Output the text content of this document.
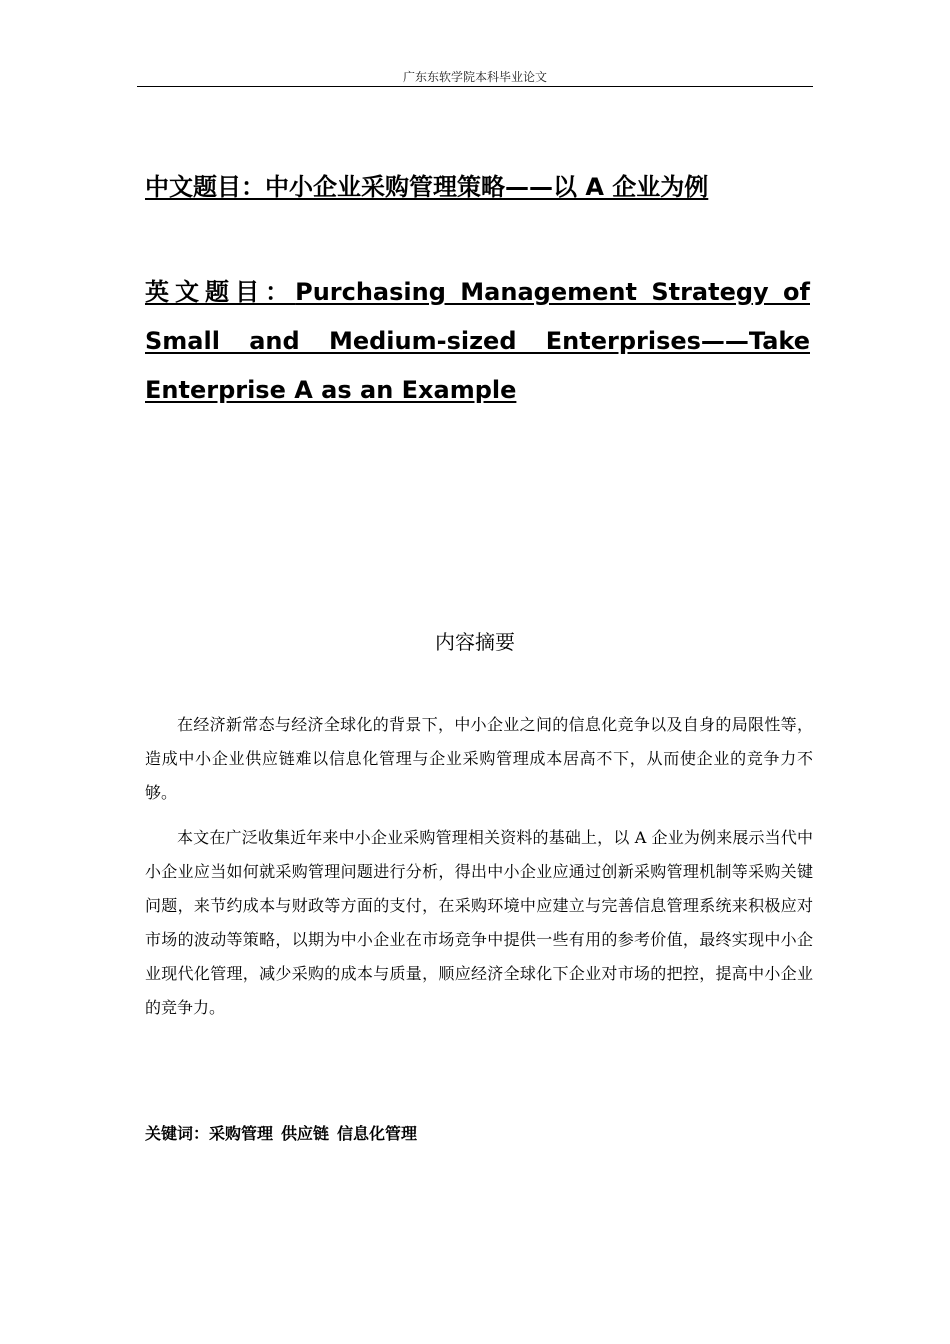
广东东软学院本科毕业论文
中文题目：中小企业采购管理策略——以 A 企业为例
英文题目：Purchasing Management Strategy of Small and Medium-sized Enterprises——Take Enterprise A as an Example
内容摘要
在经济新常态与经济全球化的背景下，中小企业之间的信息化竞争以及自身的局限性等，造成中小企业供应链难以信息化管理与企业采购管理成本居高不下，从而使企业的竞争力不够。
本文在广泛收集近年来中小企业采购管理相关资料的基础上，以 A 企业为例来展示当代中小企业应当如何就采购管理问题进行分析，得出中小企业应通过创新采购管理机制等采购关键问题，来节约成本与财政等方面的支付，在采购环境中应建立与完善信息管理系统来积极应对市场的波动等策略，以期为中小企业在市场竞争中提供一些有用的参考价值，最终实现中小企业现代化管理，减少采购的成本与质量，顺应经济全球化下企业对市场的把控，提高中小企业的竞争力。
关键词：采购管理 供应链 信息化管理
